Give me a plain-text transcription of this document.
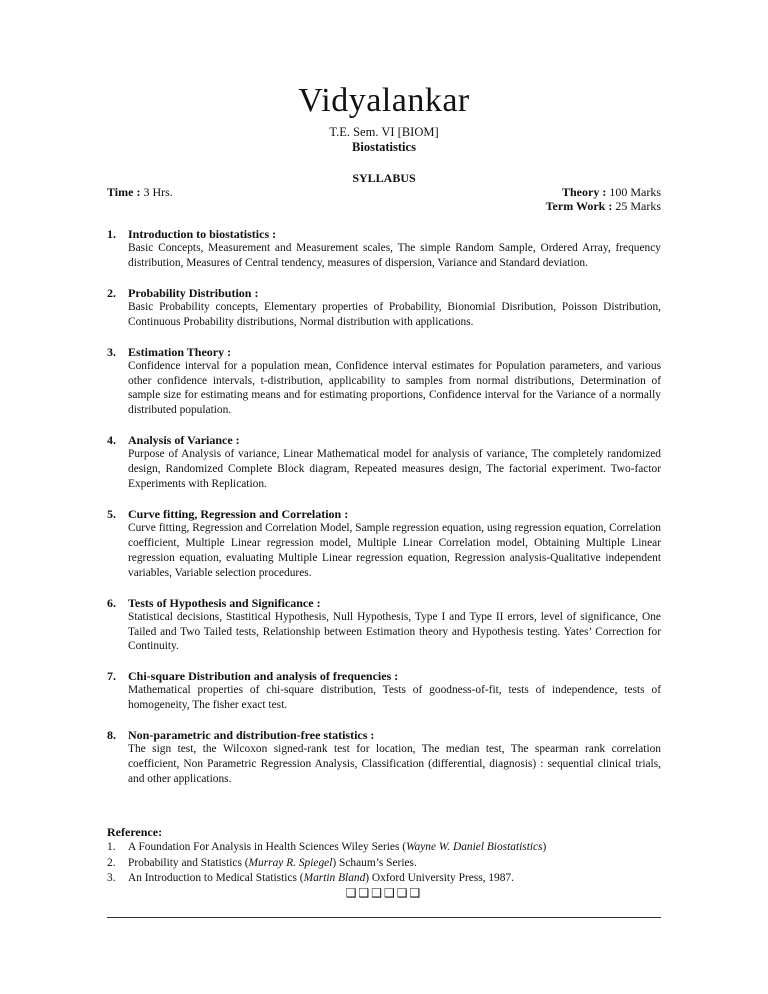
Vidyalankar
T.E. Sem. VI [BIOM]
Biostatistics
SYLLABUS
Time : 3 Hrs.	Theory : 100 Marks
Term Work : 25 Marks
1.	Introduction to biostatistics :
Basic Concepts, Measurement and Measurement scales, The simple Random Sample, Ordered Array, frequency distribution, Measures of Central tendency, measures of dispersion, Variance and Standard deviation.
2.	Probability Distribution :
Basic Probability concepts, Elementary properties of Probability, Bionomial Disribution, Poisson Distribution, Continuous Probability distributions, Normal distribution with applications.
3.	Estimation Theory :
Confidence interval for a population mean, Confidence interval estimates for Population parameters, and various other confidence intervals, t-distribution, applicability to samples from normal distributions, Determination of sample size for estimating means and for estimating proportions, Confidence interval for the Variance of a normally distributed population.
4.	Analysis of Variance :
Purpose of Analysis of variance, Linear Mathematical model for analysis of variance, The completely randomized design, Randomized Complete Block diagram, Repeated measures design, The factorial experiment. Two-factor Experiments with Replication.
5.	Curve fitting, Regression and Correlation :
Curve fitting, Regression and Correlation Model, Sample regression equation, using regression equation, Correlation coefficient, Multiple Linear regression model, Multiple Linear Correlation model, Obtaining Multiple Linear regression equation, evaluating Multiple Linear regression equation, Regression analysis-Qualitative independent variables, Variable selection procedures.
6.	Tests of Hypothesis and Significance :
Statistical decisions, Stastitical Hypothesis, Null Hypothesis, Type I and Type II errors, level of significance, One Tailed and Two Tailed tests, Relationship between Estimation theory and Hypothesis testing. Yates’ Correction for Continuity.
7.	Chi-square Distribution and analysis of frequencies :
Mathematical properties of chi-square distribution, Tests of goodness-of-fit, tests of independence, tests of homogeneity, The fisher exact test.
8.	Non-parametric and distribution-free statistics :
The sign test, the Wilcoxon signed-rank test for location, The median test, The spearman rank correlation coefficient, Non Parametric Regression Analysis, Classification (differential, diagnosis) : sequential clinical trials, and other applications.
Reference:
1.	A Foundation For Analysis in Health Sciences Wiley Series (Wayne W. Daniel Biostatistics)
2.	Probability and Statistics (Murray R. Spiegel) Schaum’s Series.
3.	An Introduction to Medical Statistics (Martin Bland) Oxford University Press, 1987.
❑❑❑❑❑❑
